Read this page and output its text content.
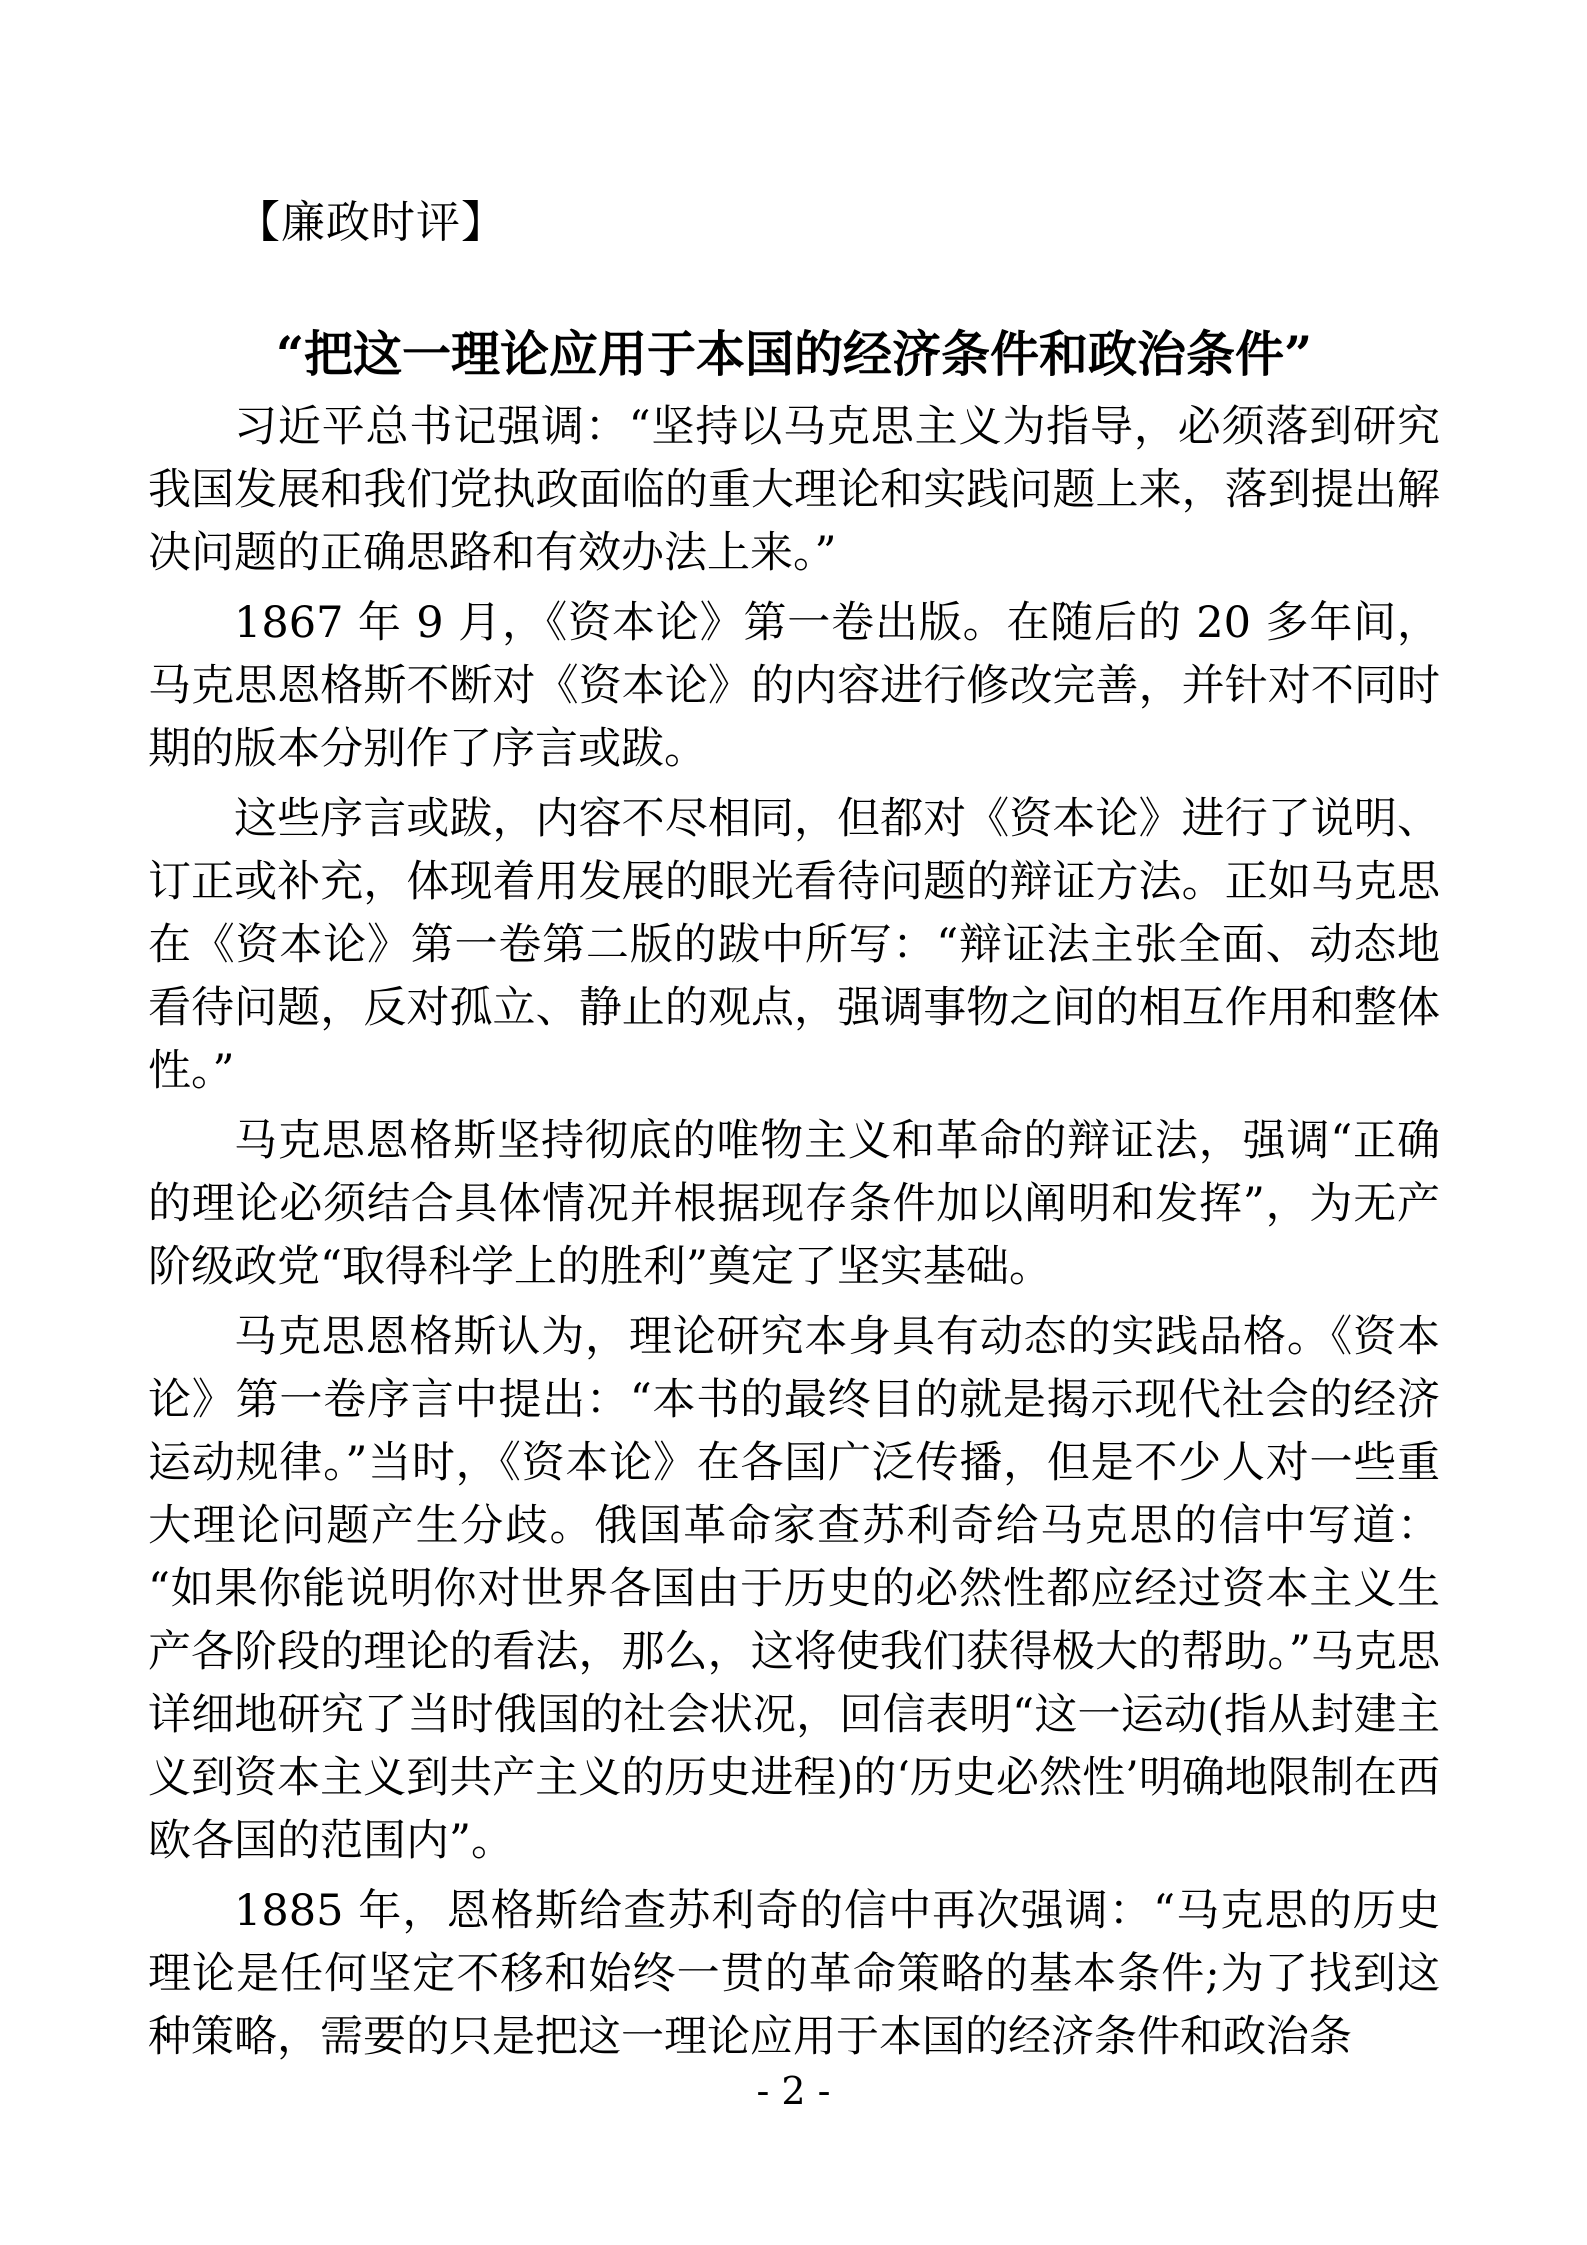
【廉政时评】
“把这一理论应用于本国的经济条件和政治条件”

习近平总书记强调：“坚持以马克思主义为指导，必须落到研究我国发展和我们党执政面临的重大理论和实践问题上来，落到提出解决问题的正确思路和有效办法上来。”

1867 年 9 月，《资本论》第一卷出版。在随后的 20 多年间，马克思恩格斯不断对《资本论》的内容进行修改完善，并针对不同时期的版本分别作了序言或跋。

这些序言或跋，内容不尽相同，但都对《资本论》进行了说明、订正或补充，体现着用发展的眼光看待问题的辩证方法。正如马克思在《资本论》第一卷第二版的跋中所写：“辩证法主张全面、动态地看待问题，反对孤立、静止的观点，强调事物之间的相互作用和整体性。”

马克思恩格斯坚持彻底的唯物主义和革命的辩证法，强调“正确的理论必须结合具体情况并根据现存条件加以阐明和发挥”，为无产阶级政党“取得科学上的胜利”奠定了坚实基础。

马克思恩格斯认为，理论研究本身具有动态的实践品格。《资本论》第一卷序言中提出：“本书的最终目的就是揭示现代社会的经济运动规律。”当时，《资本论》在各国广泛传播，但是不少人对一些重大理论问题产生分歧。俄国革命家查苏利奇给马克思的信中写道：“如果你能说明你对世界各国由于历史的必然性都应经过资本主义生产各阶段的理论的看法，那么，这将使我们获得极大的帮助。”马克思详细地研究了当时俄国的社会状况，回信表明“这一运动(指从封建主义到资本主义到共产主义的历史进程)的‘历史必然性’明确地限制在西欧各国的范围内”。

1885 年，恩格斯给查苏利奇的信中再次强调：“马克思的历史理论是任何坚定不移和始终一贯的革命策略的基本条件;为了找到这种策略，需要的只是把这一理论应用于本国的经济条件和政治条

- 2 -
